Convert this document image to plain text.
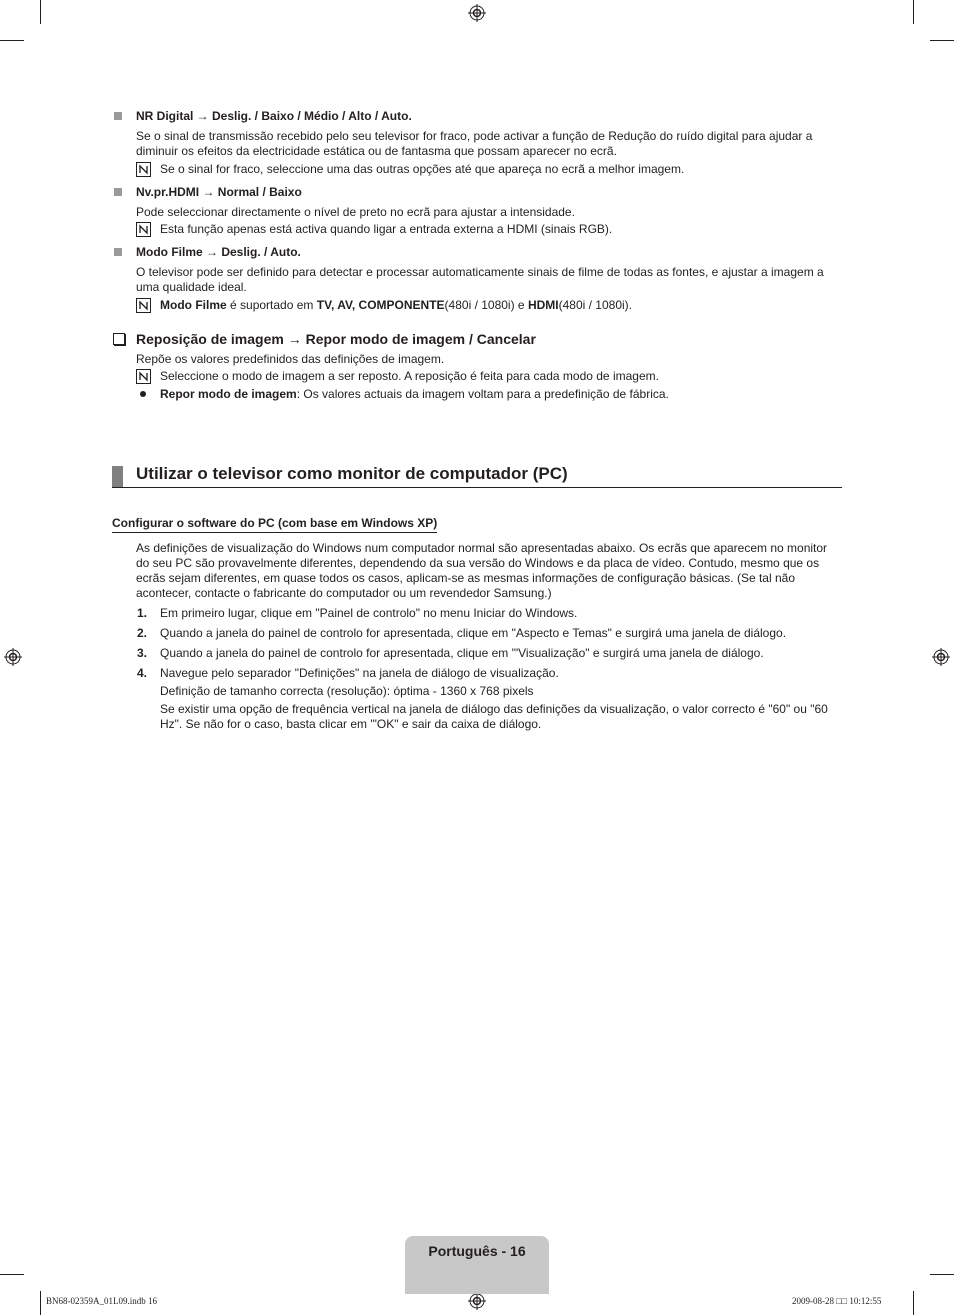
NR Digital → Deslig. / Baixo / Médio / Alto / Auto.
Se o sinal de transmissão recebido pelo seu televisor for fraco, pode activar a função de Redução do ruído digital para ajudar a diminuir os efeitos da electricidade estática ou de fantasma que possam aparecer no ecrã.
Se o sinal for fraco, seleccione uma das outras opções até que apareça no ecrã a melhor imagem.
Nv.pr.HDMI → Normal / Baixo
Pode seleccionar directamente o nível de preto no ecrã para ajustar a intensidade.
Esta função apenas está activa quando ligar a entrada externa a HDMI (sinais RGB).
Modo Filme → Deslig. / Auto.
O televisor pode ser definido para detectar e processar automaticamente sinais de filme de todas as fontes, e ajustar a imagem a uma qualidade ideal.
Modo Filme é suportado em TV, AV, COMPONENTE(480i / 1080i) e HDMI(480i / 1080i).
Reposição de imagem → Repor modo de imagem / Cancelar
Repõe os valores predefinidos das definições de imagem.
Seleccione o modo de imagem a ser reposto. A reposição é feita para cada modo de imagem.
Repor modo de imagem: Os valores actuais da imagem voltam para a predefinição de fábrica.
Utilizar o televisor como monitor de computador (PC)
Configurar o software do PC (com base em Windows XP)
As definições de visualização do Windows num computador normal são apresentadas abaixo. Os ecrãs que aparecem no monitor do seu PC são provavelmente diferentes, dependendo da sua versão do Windows e da placa de vídeo. Contudo, mesmo que os ecrãs sejam diferentes, em quase todos os casos, aplicam-se as mesmas informações de configuração básicas. (Se tal não acontecer, contacte o fabricante do computador ou um revendedor Samsung.)
1. Em primeiro lugar, clique em "Painel de controlo" no menu Iniciar do Windows.
2. Quando a janela do painel de controlo for apresentada, clique em "Aspecto e Temas" e surgirá uma janela de diálogo.
3. Quando a janela do painel de controlo for apresentada, clique em '"Visualização" e surgirá uma janela de diálogo.
4. Navegue pelo separador "Definições" na janela de diálogo de visualização.
Definição de tamanho correcta (resolução): óptima - 1360 x 768 pixels
Se existir uma opção de frequência vertical na janela de diálogo das definições da visualização, o valor correcto é "60" ou "60 Hz". Se não for o caso, basta clicar em '"OK" e sair da caixa de diálogo.
Português - 16
BN68-02359A_01L09.indb 16	2009-08-28 □□ 10:12:55
